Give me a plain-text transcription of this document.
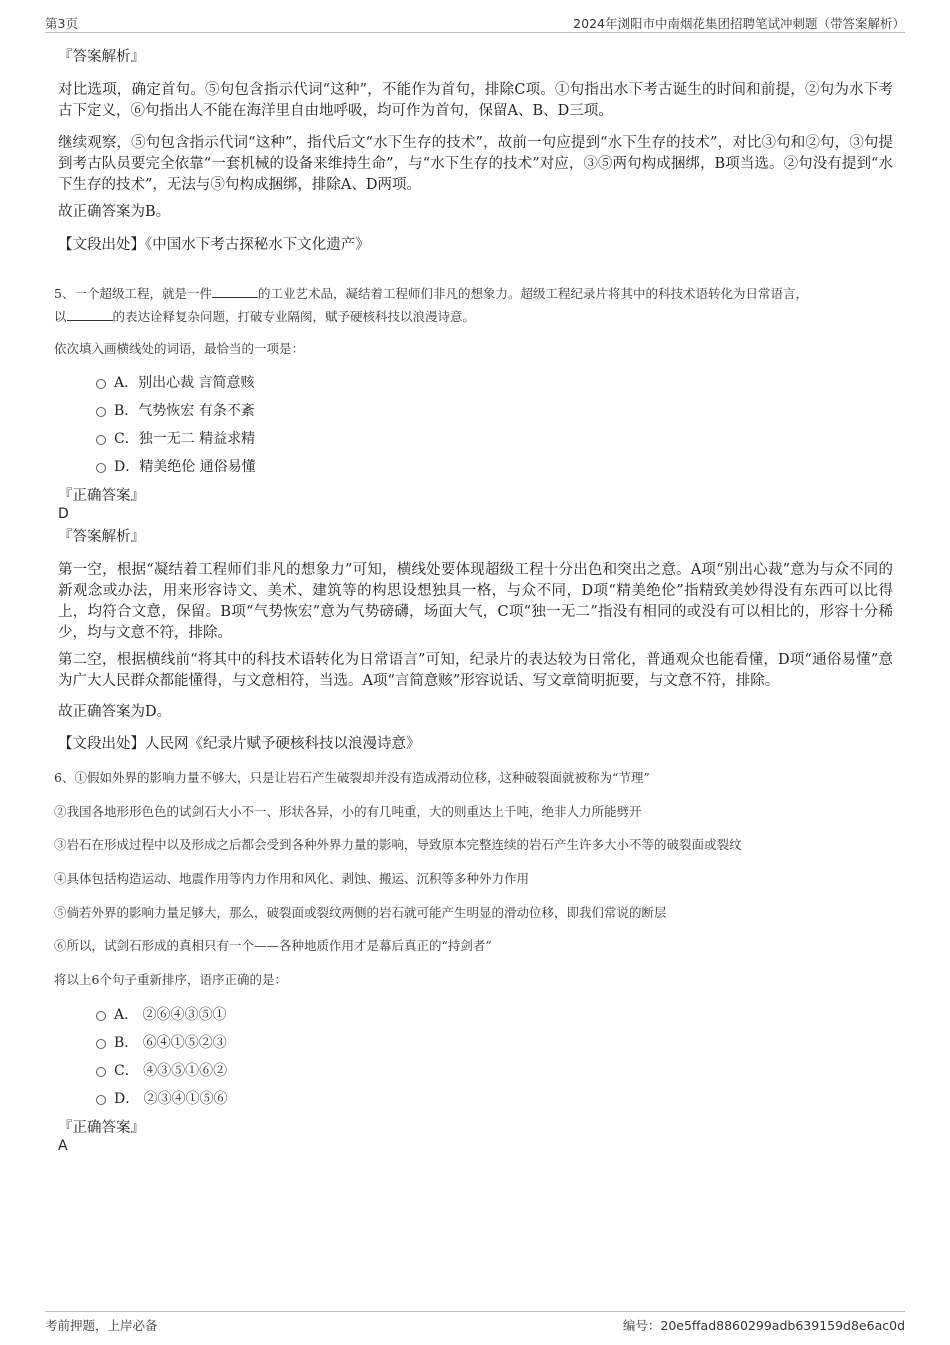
第3页	2024年浏阳市中南烟花集团招聘笔试冲刺题（带答案解析）

『答案解析』

对比选项，确定首句。⑤句包含指示代词“这种”，不能作为首句，排除C项。①句指出水下考古诞生的时间和前提，②句为水下考古下定义，⑥句指出人不能在海洋里自由地呼吸，均可作为首句，保留A、B、D三项。

继续观察，⑤句包含指示代词“这种”，指代后文“水下生存的技术”，故前一句应提到“水下生存的技术”，对比③句和②句，③句提到考古队员要完全依靠“一套机械的设备来维持生命”，与“水下生存的技术”对应，③⑤两句构成捆绑，B项当选。②句没有提到“水下生存的技术”，无法与⑤句构成捆绑，排除A、D两项。

故正确答案为B。

【文段出处】《中国水下考古探秘水下文化遗产》

5、一个超级工程，就是一件	的工业艺术品，凝结着工程师们非凡的想象力。超级工程纪录片将其中的科技术语转化为日常语言，
以	的表达诠释复杂问题，打破专业隔阂，赋予硬核科技以浪漫诗意。

依次填入画横线处的词语，最恰当的一项是：

A．别出心裁 言简意赅
B．气势恢宏 有条不紊
C．独一无二 精益求精
D．精美绝伦 通俗易懂

『正确答案』

D

『答案解析』

第一空，根据“凝结着工程师们非凡的想象力”可知，横线处要体现超级工程十分出色和突出之意。A项“别出心裁”意为与众不同的新观念或办法，用来形容诗文、美术、建筑等的构思设想独具一格，与众不同，D项“精美绝伦”指精致美妙得没有东西可以比得上，均符合文意，保留。B项“气势恢宏”意为气势磅礴，场面大气，C项“独一无二”指没有相同的或没有可以相比的，形容十分稀少，均与文意不符，排除。

第二空，根据横线前“将其中的科技术语转化为日常语言”可知，纪录片的表达较为日常化，普通观众也能看懂，D项“通俗易懂”意为广大人民群众都能懂得，与文意相符，当选。A项“言简意赅”形容说话、写文章简明扼要，与文意不符，排除。

故正确答案为D。

【文段出处】人民网《纪录片赋予硬核科技以浪漫诗意》

6、①假如外界的影响力量不够大，只是让岩石产生破裂却并没有造成滑动位移，这种破裂面就被称为“节理”

②我国各地形形色色的试剑石大小不一、形状各异，小的有几吨重，大的则重达上千吨，绝非人力所能劈开

③岩石在形成过程中以及形成之后都会受到各种外界力量的影响，导致原本完整连续的岩石产生许多大小不等的破裂面或裂纹

④具体包括构造运动、地震作用等内力作用和风化、剥蚀、搬运、沉积等多种外力作用

⑤倘若外界的影响力量足够大，那么，破裂面或裂纹两侧的岩石就可能产生明显的滑动位移，即我们常说的断层

⑥所以，试剑石形成的真相只有一个——各种地质作用才是幕后真正的“持剑者”

将以上6个句子重新排序，语序正确的是：

A． ②⑥④③⑤①
B． ⑥④①⑤②③
C． ④③⑤①⑥②
D． ②③④①⑤⑥

『正确答案』

A
考前押题，上岸必备	编号：20e5ffad8860299adb639159d8e6ac0d
